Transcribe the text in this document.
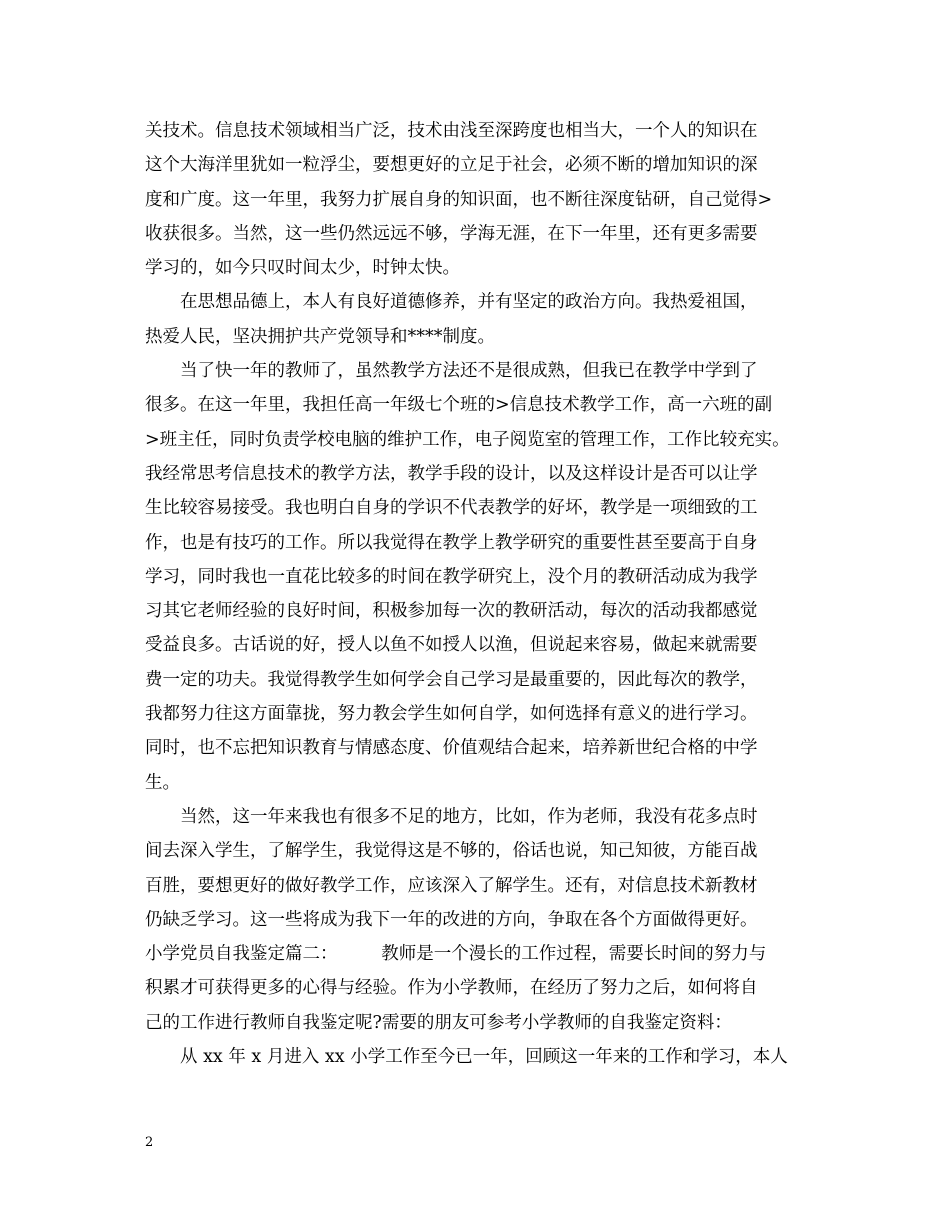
关技术。信息技术领域相当广泛，技术由浅至深跨度也相当大，一个人的知识在
这个大海洋里犹如一粒浮尘，要想更好的立足于社会，必须不断的增加知识的深
度和广度。这一年里，我努力扩展自身的知识面，也不断往深度钻研，自己觉得>
收获很多。当然，这一些仍然远远不够，学海无涯，在下一年里，还有更多需要
学习的，如今只叹时间太少，时钟太快。
　　在思想品德上，本人有良好道德修养，并有坚定的政治方向。我热爱祖国，
热爱人民，坚决拥护共产党领导和****制度。
　　当了快一年的教师了，虽然教学方法还不是很成熟，但我已在教学中学到了
很多。在这一年里，我担任高一年级七个班的>信息技术教学工作，高一六班的副
>班主任，同时负责学校电脑的维护工作，电子阅览室的管理工作，工作比较充实。
我经常思考信息技术的教学方法，教学手段的设计，以及这样设计是否可以让学
生比较容易接受。我也明白自身的学识不代表教学的好坏，教学是一项细致的工
作，也是有技巧的工作。所以我觉得在教学上教学研究的重要性甚至要高于自身
学习，同时我也一直花比较多的时间在教学研究上，没个月的教研活动成为我学
习其它老师经验的良好时间，积极参加每一次的教研活动，每次的活动我都感觉
受益良多。古话说的好，授人以鱼不如授人以渔，但说起来容易，做起来就需要
费一定的功夫。我觉得教学生如何学会自己学习是最重要的，因此每次的教学，
我都努力往这方面靠拢，努力教会学生如何自学，如何选择有意义的进行学习。
同时，也不忘把知识教育与情感态度、价值观结合起来，培养新世纪合格的中学
生。
　　当然，这一年来我也有很多不足的地方，比如，作为老师，我没有花多点时
间去深入学生，了解学生，我觉得这是不够的，俗话也说，知己知彼，方能百战
百胜，要想更好的做好教学工作，应该深入了解学生。还有，对信息技术新教材
仍缺乏学习。这一些将成为我下一年的改进的方向，争取在各个方面做得更好。
小学党员自我鉴定篇二：　　　教师是一个漫长的工作过程，需要长时间的努力与
积累才可获得更多的心得与经验。作为小学教师，在经历了努力之后，如何将自
己的工作进行教师自我鉴定呢?需要的朋友可参考小学教师的自我鉴定资料：
　　从 xx 年 x 月进入 xx 小学工作至今已一年，回顾这一年来的工作和学习，本人
2
